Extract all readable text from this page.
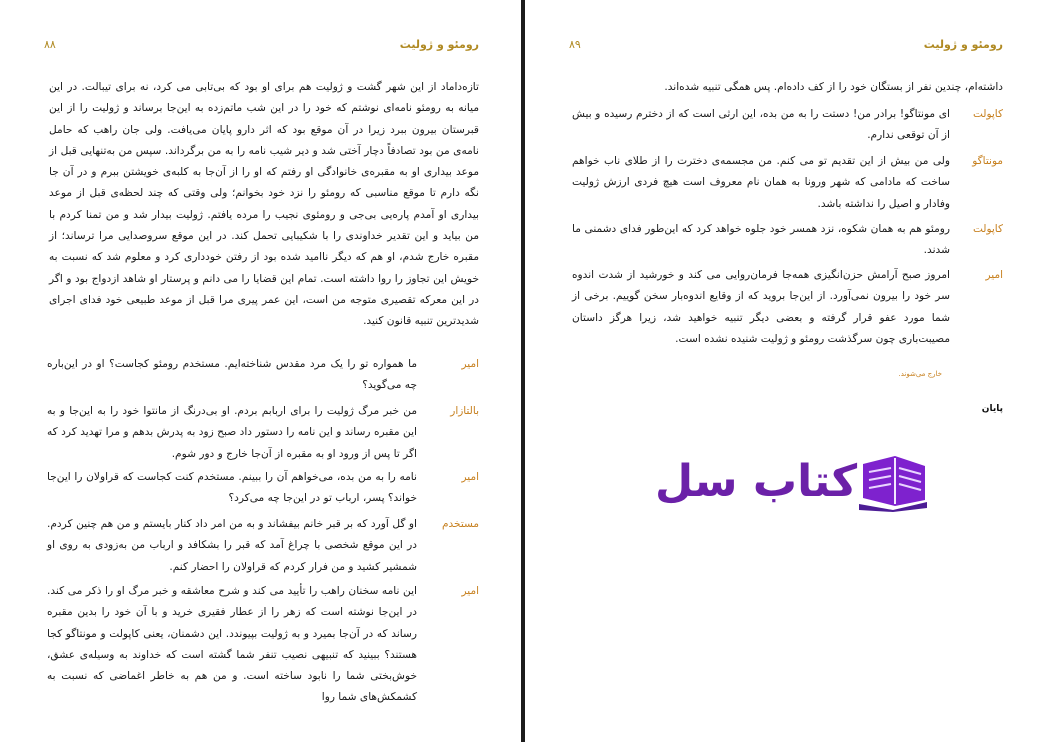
رومئو و ژولیت
۸۸
تازه‌داماد از این شهر گشت و ژولیت هم برای او بود که بی‌تابی می کرد، نه برای تیبالت. در این میانه به رومئو نامه‌ای نوشتم که خود را در این شب ماتم‌زده به این‌جا برساند و ژولیت را از این قبرستان بیرون ببرد زیرا در آن موقع بود که اثر دارو پایان می‌یافت. ولی جان راهب که حامل نامه‌ی من بود تصادفاً دچار آختی شد و دیر شیب نامه را به من برگرداند. سپس من به‌تنهایی قبل از موعد بیداری او به مقبره‌ی خانوادگی او رفتم که او را از آن‌جا به کلبه‌ی خویشتن ببرم و در آن جا نگه دارم تا موقع مناسبی که رومئو را نزد خود بخوانم؛ ولی وقتی که چند لحظه‌ی قبل از موعد بیداری او آمدم پاره‌یی بی‌جی و رومئوی نجیب را مرده یافتم. ژولیت بیدار شد و من تمنا کردم با من بیاید و این تقدیر خداوندی را با شکیبایی تحمل کند. در این موقع سروصدایی مرا ترساند؛ از مقبره خارج شدم، او هم که دیگر ناامید شده بود از رفتن خودداری کرد و معلوم شد که نسبت به خویش این تجاوز را روا داشته است. تمام این قضایا را می دانم و پرستار او شاهد ازدواج بود و اگر در این معرکه تقصیری متوجه من است، این عمر پیری مرا قبل از موعد طبیعی خود فدای اجرای شدیدترین تنبیه قانون کنید.
امیر
ما همواره تو را یک مرد مقدس شناخته‌ایم. مستخدم رومئو کجاست؟ او در این‌باره چه می‌گوید؟
بالتازار
من خبر مرگ ژولیت را برای اربابم بردم. او بی‌درنگ از مانتوا خود را به این‌جا و به این مقبره رساند و این نامه را دستور داد صبح زود به پدرش بدهم و مرا تهدید کرد که اگر تا پس از ورود او به مقبره از آن‌جا خارج و دور شوم.
امیر
نامه را به من بده، می‌خواهم آن را ببینم. مستخدم کنت کجاست که قراولان را این‌جا خواند؟ پسر، ارباب تو در این‌جا چه می‌کرد؟
مستخدم
او گل آورد که بر قبر خانم بیفشاند و به من امر داد کنار بایستم و من هم چنین کردم. در این موقع شخصی با چراغ آمد که قبر را بشکافد و ارباب من به‌زودی به روی او شمشیر کشید و من فرار کردم که قراولان را احضار کنم.
امیر
این نامه سخنان راهب را تأیید می کند و شرح معاشقه و خبر مرگ او را ذکر می کند. در این‌جا نوشته است که زهر را از عطار فقیری خرید و با آن خود را بدین مقبره رساند که در آن‌جا بمیرد و به ژولیت بپیوندد. این دشمنان، یعنی کاپولت و مونتاگو کجا هستند؟ ببینید که تنبیهی نصیب تنفر شما گشته است که خداوند به وسیله‌ی عشق، خوش‌بختی شما را نابود ساخته است. و من هم به خاطر اغماضی که نسبت به کشمکش‌های شما روا
رومئو و ژولیت
۸۹
داشته‌ام، چندین نفر از بستگان خود را از کف داده‌ام. پس همگی تنبیه شده‌اند.
کاپولت
ای مونتاگو! برادر من! دستت را به من بده، این ارثی است که از دخترم رسیده و بیش از آن توقعی ندارم.
مونتاگو
ولی من بیش از این تقدیم تو می کنم. من مجسمه‌ی دخترت را از طلای ناب خواهم ساخت که مادامی که شهر ورونا به همان نام معروف است هیچ فردی ارزش ژولیت وفادار و اصیل را نداشته باشد.
کاپولت
رومئو هم به همان شکوه، نزد همسر خود جلوه خواهد کرد که این‌طور فدای دشمنی ما شدند.
امیر
امروز صبح آرامش حزن‌انگیزی همه‌جا فرمان‌روایی می کند و خورشید از شدت اندوه سر خود را بیرون نمی‌آورد. از این‌جا بروید که از وقایع اندوه‌بار سخن گوییم. برخی از شما مورد عفو قرار گرفته و بعضی دیگر تنبیه خواهید شد، زیرا هرگز داستان مصیبت‌باری چون سرگذشت رومئو و ژولیت شنیده نشده است.
خارج می‌شوند.
پایان
کتاب سل
